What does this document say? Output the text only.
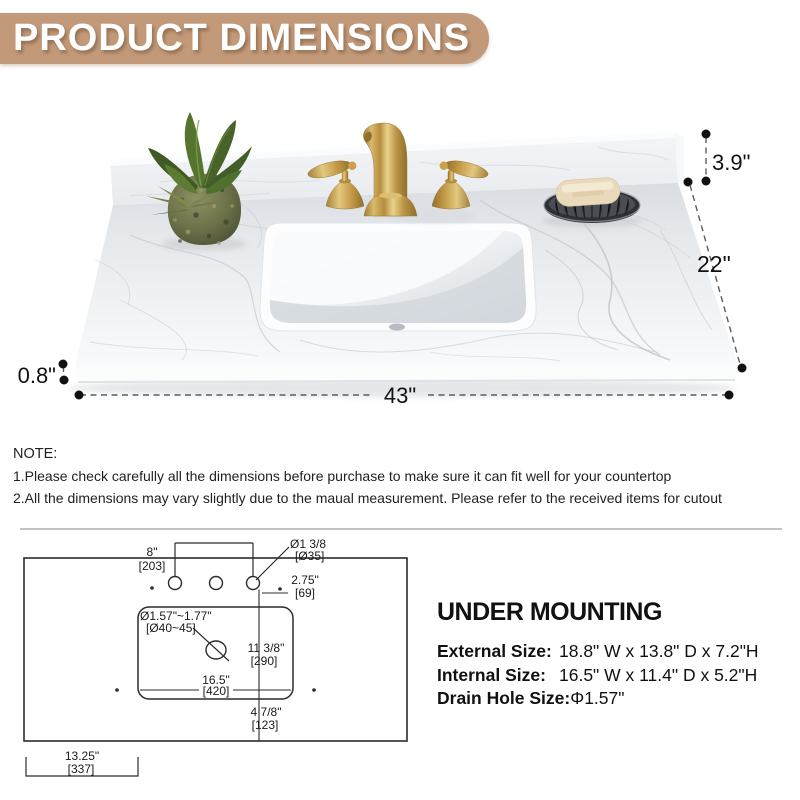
PRODUCT DIMENSIONS
3.9"
22"
0.8"
43"
8"
[203]
Ø1 3/8
[Ø35]
2.75"
[69]
Ø1.57"~1.77"
[Ø40~45]
11 3/8"
[290]
16.5"
[420]
4 7/8"
[123]
13.25"
[337]
NOTE:
1.Please check carefully all the dimensions before purchase to make sure it can fit well for your countertop
2.All the dimensions may vary slightly due to the maual measurement. Please refer to the received items for cutout
UNDER MOUNTING
External Size: 18.8" W x 13.8" D x 7.2"H
Internal Size: 16.5" W x 11.4" D x 5.2"H
Drain Hole Size: Φ1.57"
